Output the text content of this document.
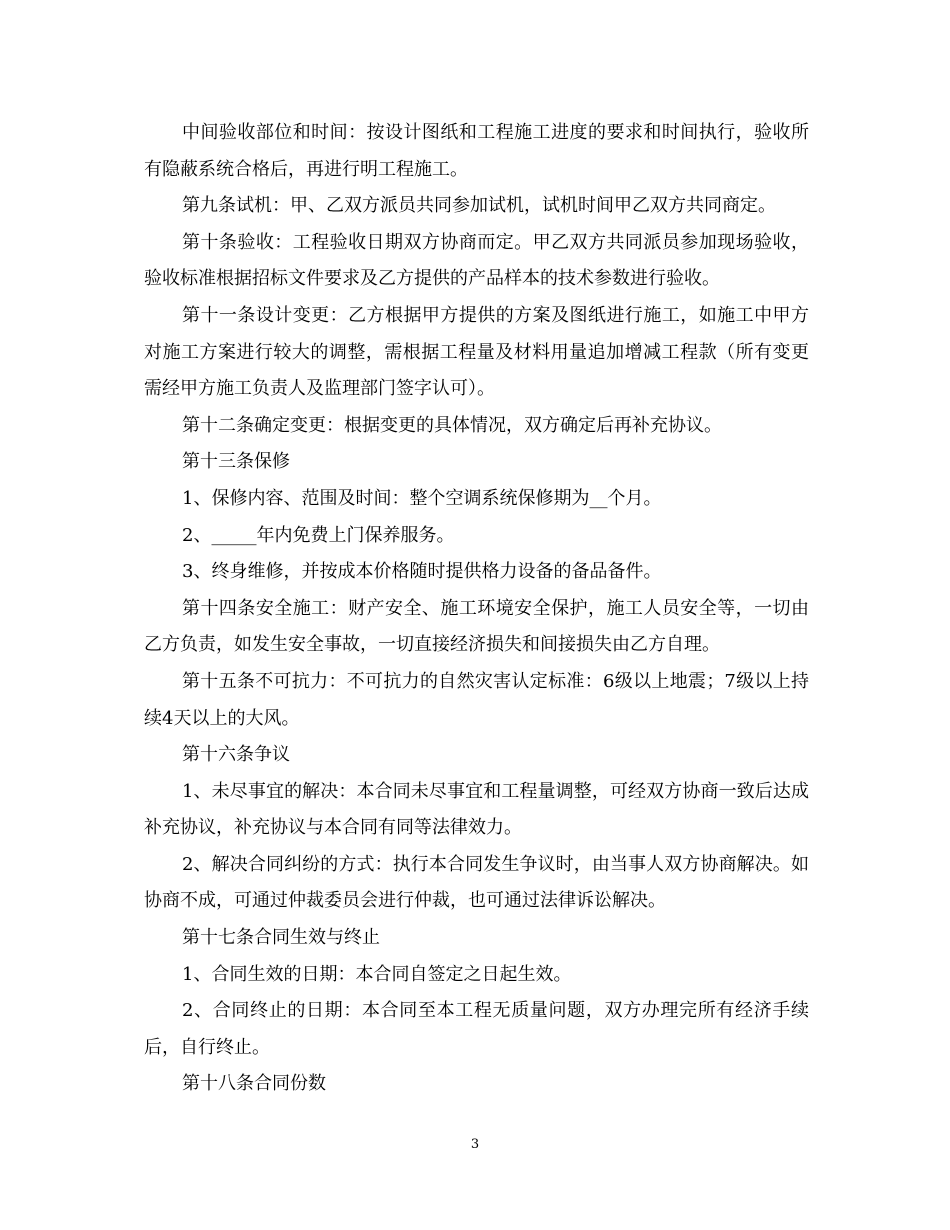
中间验收部位和时间：按设计图纸和工程施工进度的要求和时间执行，验收所有隐蔽系统合格后，再进行明工程施工。

第九条试机：甲、乙双方派员共同参加试机，试机时间甲乙双方共同商定。

第十条验收：工程验收日期双方协商而定。甲乙双方共同派员参加现场验收，验收标准根据招标文件要求及乙方提供的产品样本的技术参数进行验收。

第十一条设计变更：乙方根据甲方提供的方案及图纸进行施工，如施工中甲方对施工方案进行较大的调整，需根据工程量及材料用量追加增减工程款（所有变更需经甲方施工负责人及监理部门签字认可）。

第十二条确定变更：根据变更的具体情况，双方确定后再补充协议。

第十三条保修

1、保修内容、范围及时间：整个空调系统保修期为__个月。

2、_____年内免费上门保养服务。

3、终身维修，并按成本价格随时提供格力设备的备品备件。

第十四条安全施工：财产安全、施工环境安全保护，施工人员安全等，一切由乙方负责，如发生安全事故，一切直接经济损失和间接损失由乙方自理。

第十五条不可抗力：不可抗力的自然灾害认定标准：6级以上地震；7级以上持续4天以上的大风。

第十六条争议

1、未尽事宜的解决：本合同未尽事宜和工程量调整，可经双方协商一致后达成补充协议，补充协议与本合同有同等法律效力。

2、解决合同纠纷的方式：执行本合同发生争议时，由当事人双方协商解决。如协商不成，可通过仲裁委员会进行仲裁，也可通过法律诉讼解决。

第十七条合同生效与终止

1、合同生效的日期：本合同自签定之日起生效。

2、合同终止的日期：本合同至本工程无质量问题，双方办理完所有经济手续后，自行终止。

第十八条合同份数

3
